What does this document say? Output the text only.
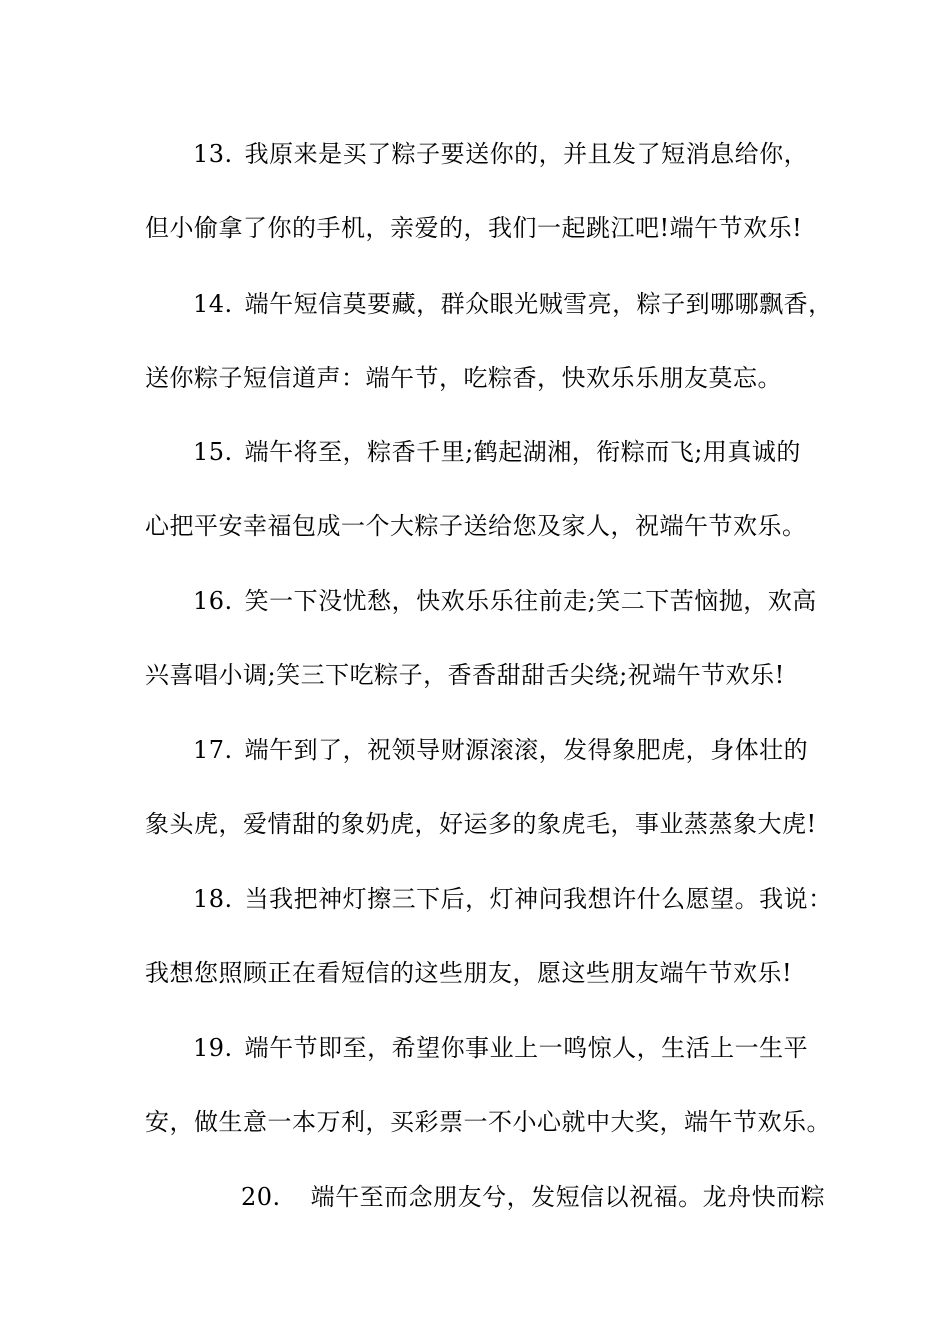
13. 我原来是买了粽子要送你的，并且发了短消息给你，
但小偷拿了你的手机，亲爱的，我们一起跳江吧!端午节欢乐!
14. 端午短信莫要藏，群众眼光贼雪亮，粽子到哪哪飘香，
送你粽子短信道声：端午节，吃粽香，快欢乐乐朋友莫忘。
15. 端午将至，粽香千里;鹤起湖湘，衔粽而飞;用真诚的
心把平安幸福包成一个大粽子送给您及家人，祝端午节欢乐。
16. 笑一下没忧愁，快欢乐乐往前走;笑二下苦恼抛，欢高
兴喜唱小调;笑三下吃粽子，香香甜甜舌尖绕;祝端午节欢乐!
17. 端午到了，祝领导财源滚滚，发得象肥虎，身体壮的
象头虎，爱情甜的象奶虎，好运多的象虎毛，事业蒸蒸象大虎!
18. 当我把神灯擦三下后，灯神问我想许什么愿望。我说：
我想您照顾正在看短信的这些朋友，愿这些朋友端午节欢乐!
19. 端午节即至，希望你事业上一鸣惊人，生活上一生平
安，做生意一本万利，买彩票一不小心就中大奖，端午节欢乐。
20. 端午至而念朋友兮，发短信以祝福。龙舟快而粽
